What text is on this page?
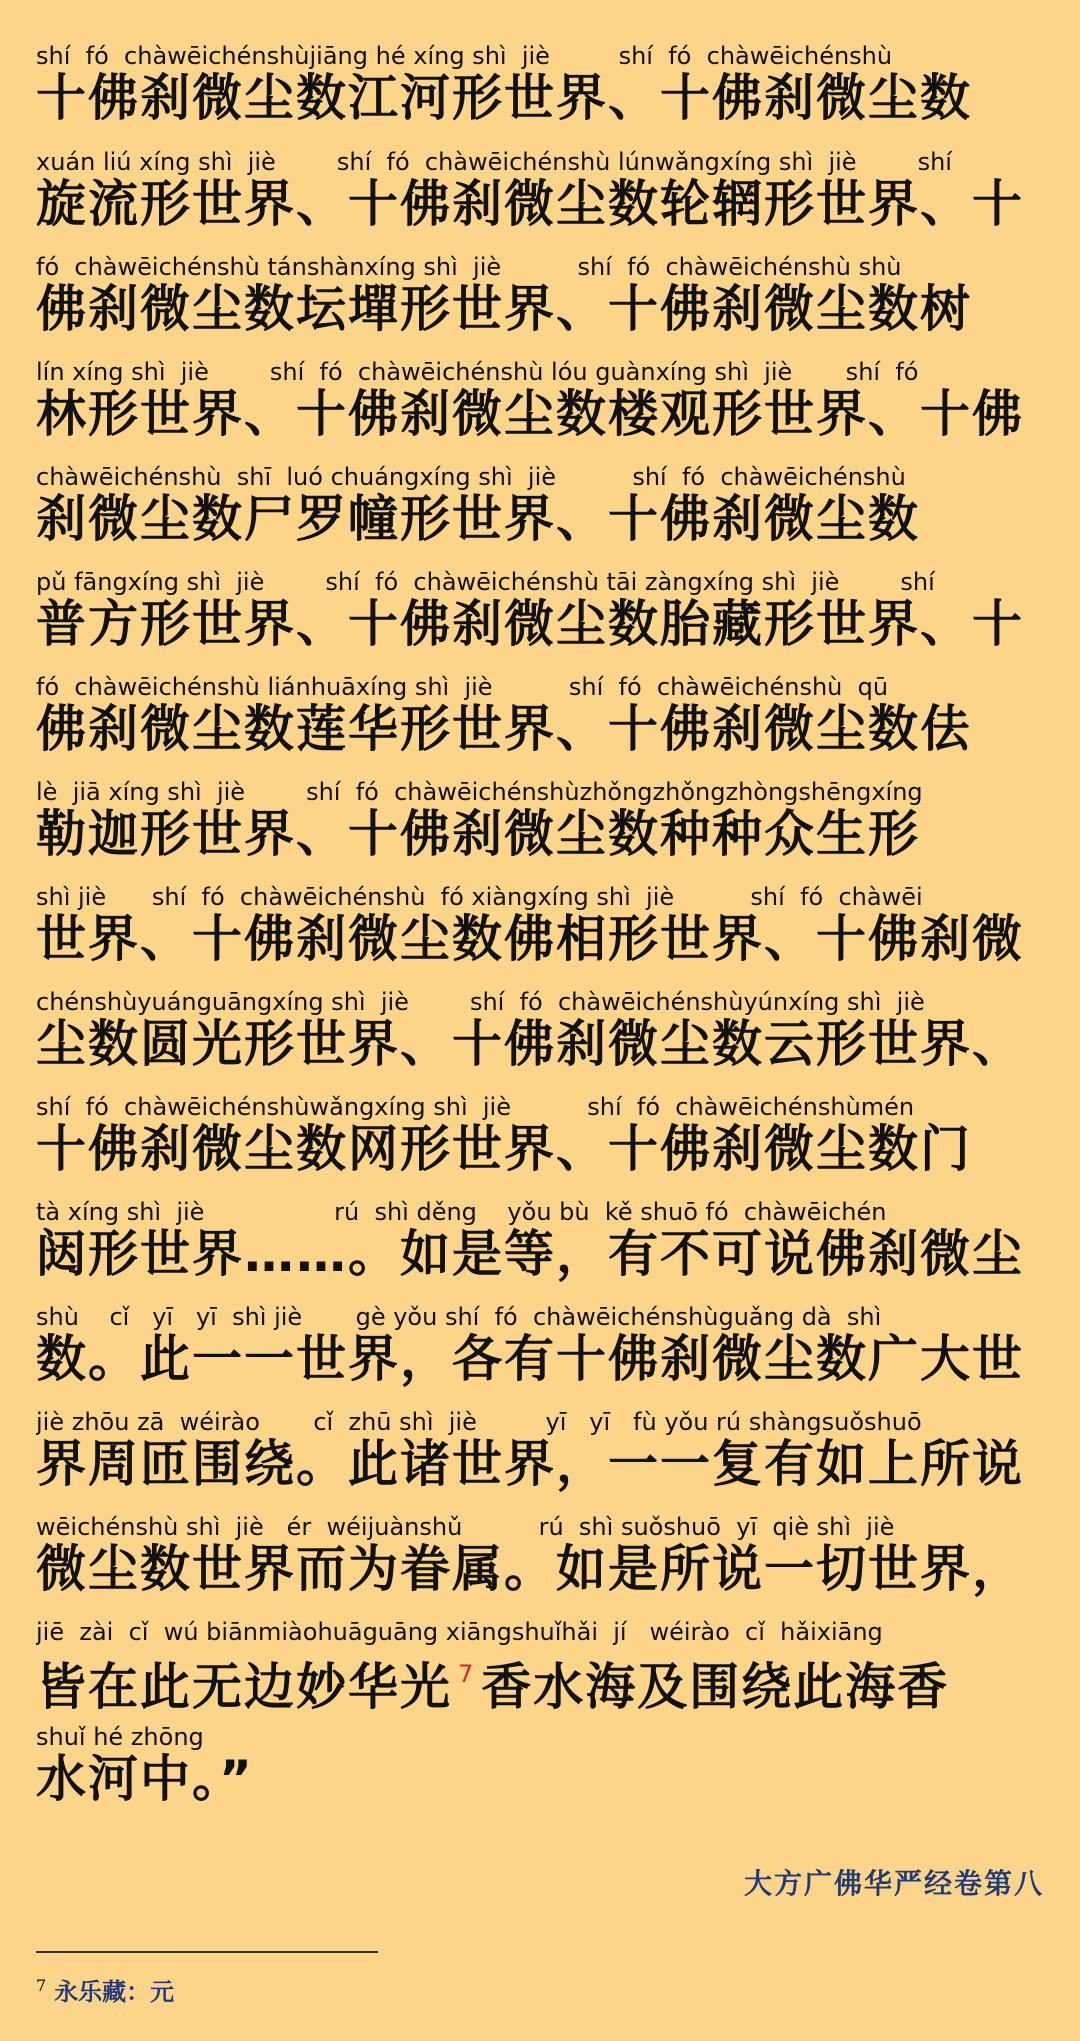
shí  fó  chàwēichénshùjiāng hé xíng shì  jiè         shí  fó  chàwēichénshù
十佛刹微尘数江河形世界、十佛刹微尘数
xuán liú xíng shì  jiè        shí  fó  chàwēichénshù lúnwǎngxíng shì  jiè        shí
旋流形世界、十佛刹微尘数轮辋形世界、十
fó  chàwēichénshù tánshànxíng shì  jiè          shí  fó  chàwēichénshù shù
佛刹微尘数坛墠形世界、十佛刹微尘数树
lín xíng shì  jiè        shí  fó  chàwēichénshù lóu guànxíng shì  jiè       shí  fó
林形世界、十佛刹微尘数楼观形世界、十佛
chàwēichénshù  shī  luó chuángxíng shì  jiè          shí  fó  chàwēichénshù
刹微尘数尸罗幢形世界、十佛刹微尘数
pǔ fāngxíng shì  jiè        shí  fó  chàwēichénshù tāi zàngxíng shì  jiè        shí
普方形世界、十佛刹微尘数胎藏形世界、十
fó  chàwēichénshù liánhuāxíng shì  jiè          shí  fó  chàwēichénshù  qū
佛刹微尘数莲华形世界、十佛刹微尘数佉
lè  jiā xíng shì  jiè        shí  fó  chàwēichénshùzhǒngzhǒngzhòngshēngxíng
勒迦形世界、十佛刹微尘数种种众生形
shì jiè      shí  fó  chàwēichénshù  fó xiàngxíng shì  jiè          shí  fó  chàwēi
世界、十佛刹微尘数佛相形世界、十佛刹微
chénshùyuánguāngxíng shì  jiè        shí  fó  chàwēichénshùyúnxíng shì  jiè
尘数圆光形世界、十佛刹微尘数云形世界、
shí  fó  chàwēichénshùwǎngxíng shì  jiè          shí  fó  chàwēichénshùmén
十佛刹微尘数网形世界、十佛刹微尘数门
tà xíng shì  jiè                 rú  shì děng    yǒu bù  kě shuō fó  chàwēichén
闼形世界……。如是等，有不可说佛刹微尘
shù    cǐ   yī   yī  shì jiè       gè yǒu shí  fó  chàwēichénshùguǎng dà  shì
数。此一一世界，各有十佛刹微尘数广大世
jiè zhōu zā  wéirào       cǐ  zhū shì  jiè         yī   yī   fù yǒu rú shàngsuǒshuō
界周匝围绕。此诸世界，一一复有如上所说
wēichénshù shì  jiè   ér  wéijuànshǔ          rú  shì suǒshuō  yī  qiè shì  jiè
微尘数世界而为眷属。如是所说一切世界，
jiē  zài  cǐ  wú biānmiàohuāguāng xiāngshuǐhǎi  jí   wéirào  cǐ  hǎixiāng
皆在此无边妙华光 $^7$ 香水海及围绕此海香
shuǐ hé zhōng
水河中。”
大方广佛华严经卷第八
$^7$ 永乐藏：元
